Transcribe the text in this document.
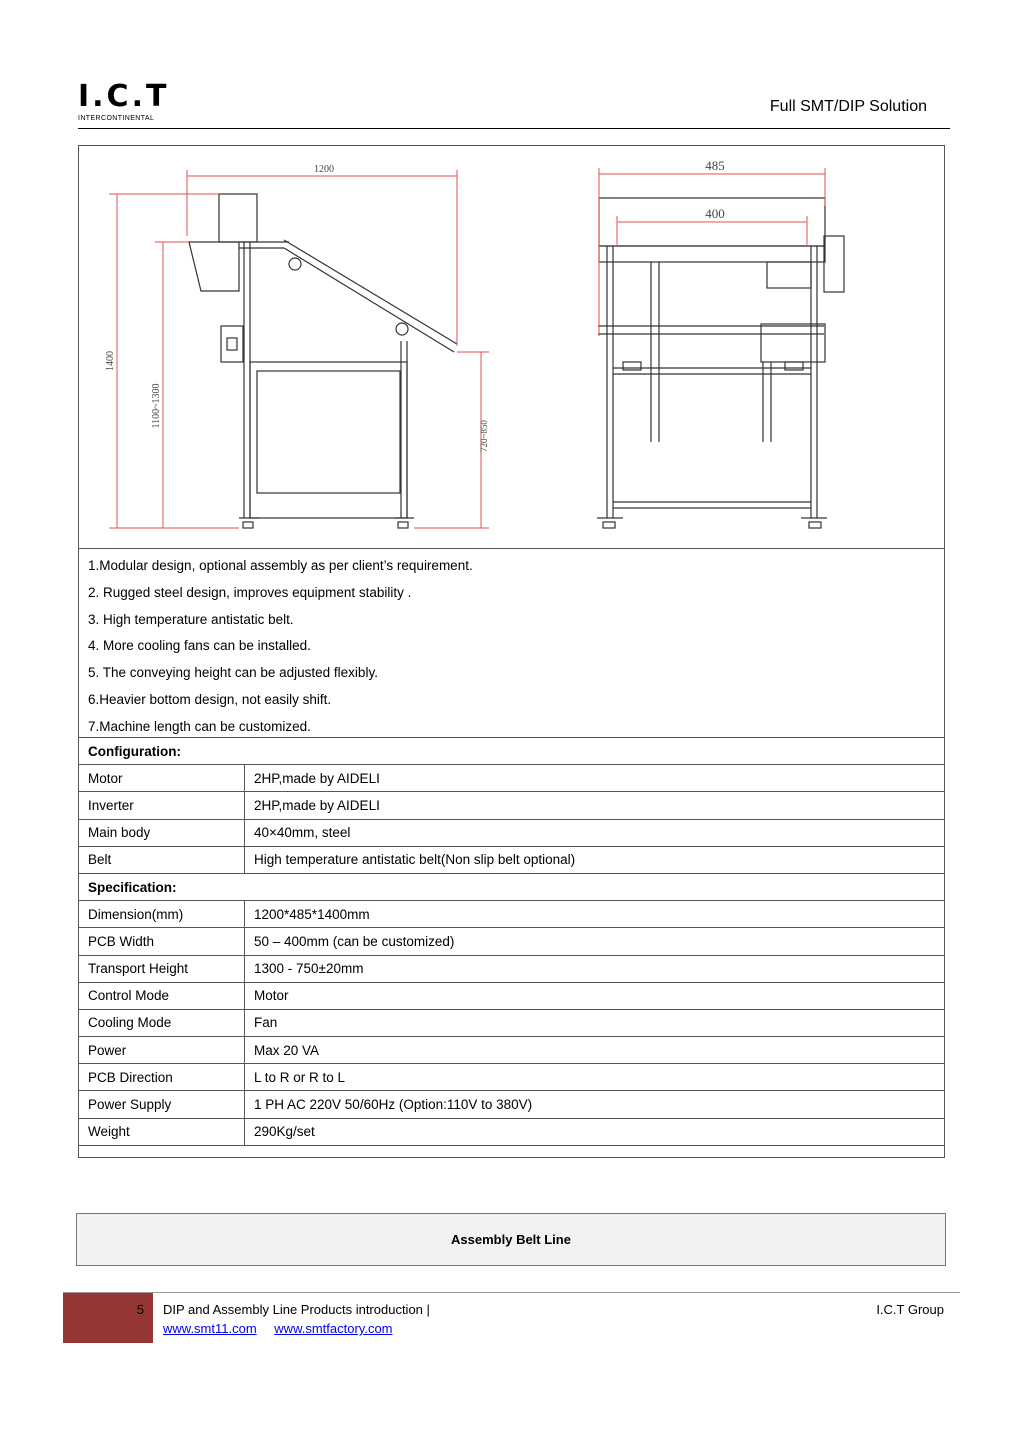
I.C.T
INTERCONTINENTAL
Full SMT/DIP Solution
1200
1400
1100~1300
720~850
485
400
1.Modular design, optional assembly as per client’s requirement.
2. Rugged steel design, improves equipment stability .
3. High temperature antistatic belt.
4. More cooling fans can be installed.
5. The conveying height can be adjusted flexibly.
6.Heavier bottom design, not easily shift.
7.Machine length can be customized.
Configuration:	
Motor	2HP,made by AIDELI
Inverter	2HP,made by AIDELI
Main body	40×40mm, steel
Belt	High temperature antistatic belt(Non slip belt optional)
Specification:	
Dimension(mm)	1200*485*1400mm
PCB Width	50 – 400mm (can be customized)
Transport Height	1300 - 750±20mm
Control Mode	Motor
Cooling Mode	Fan
Power	Max 20 VA
PCB Direction	L to R or R to L
Power Supply	1 PH AC 220V 50/60Hz (Option:110V to 380V)
Weight	290Kg/set
Assembly Belt Line
5 DIP and Assembly Line Products introduction |	I.C.T Group
www.smt11.com www.smtfactory.com
